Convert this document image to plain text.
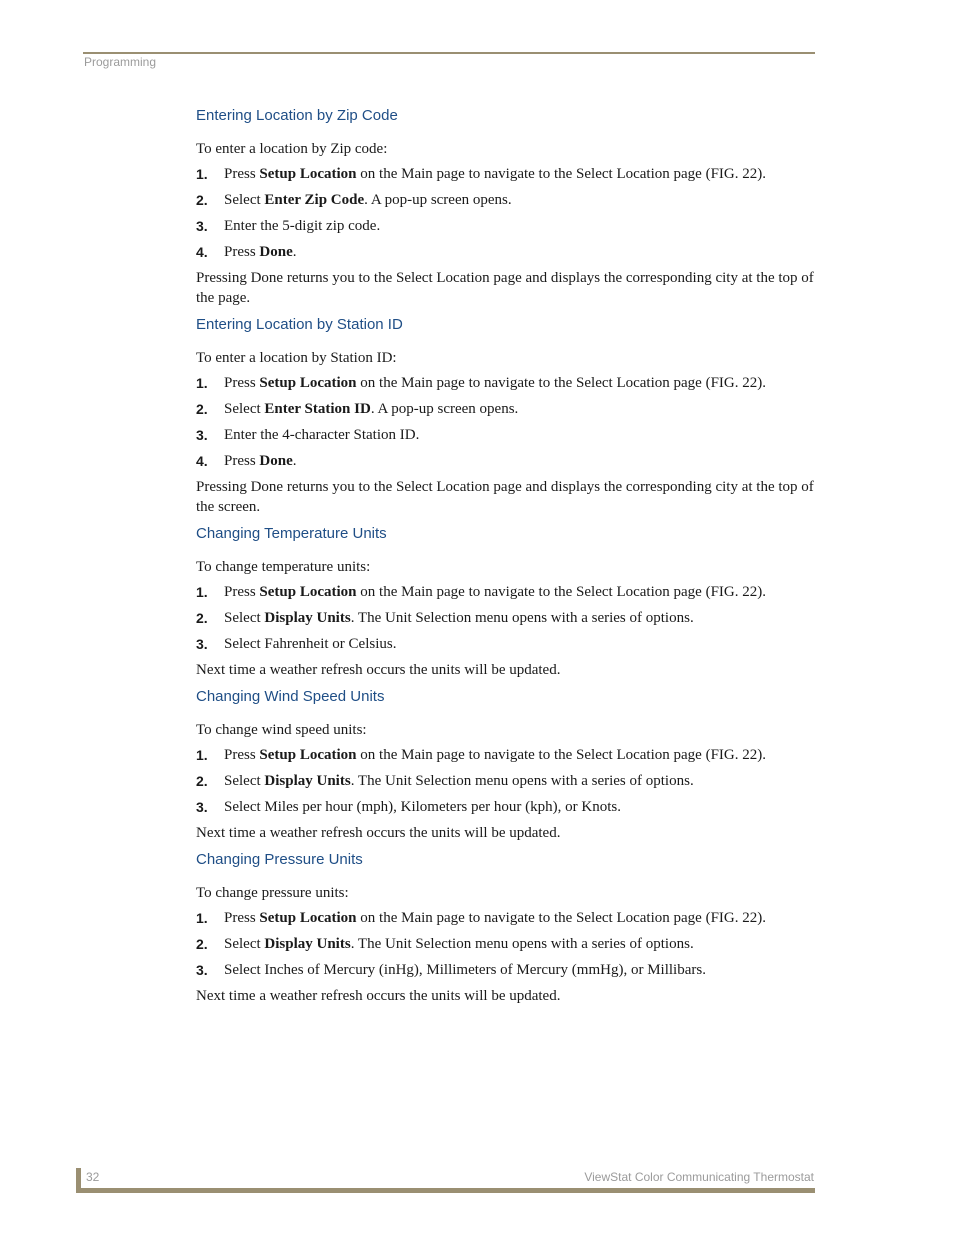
Programming
Entering Location by Zip Code

To enter a location by Zip code:

1. Press Setup Location on the Main page to navigate to the Select Location page (FIG. 22).
2. Select Enter Zip Code. A pop-up screen opens.
3. Enter the 5-digit zip code.
4. Press Done.

Pressing Done returns you to the Select Location page and displays the corresponding city at the top of the page.

Entering Location by Station ID

To enter a location by Station ID:

1. Press Setup Location on the Main page to navigate to the Select Location page (FIG. 22).
2. Select Enter Station ID. A pop-up screen opens.
3. Enter the 4-character Station ID.
4. Press Done.

Pressing Done returns you to the Select Location page and displays the corresponding city at the top of the screen.

Changing Temperature Units

To change temperature units:

1. Press Setup Location on the Main page to navigate to the Select Location page (FIG. 22).
2. Select Display Units. The Unit Selection menu opens with a series of options.
3. Select Fahrenheit or Celsius.

Next time a weather refresh occurs the units will be updated.

Changing Wind Speed Units

To change wind speed units:

1. Press Setup Location on the Main page to navigate to the Select Location page (FIG. 22).
2. Select Display Units. The Unit Selection menu opens with a series of options.
3. Select Miles per hour (mph), Kilometers per hour (kph), or Knots.

Next time a weather refresh occurs the units will be updated.

Changing Pressure Units

To change pressure units:

1. Press Setup Location on the Main page to navigate to the Select Location page (FIG. 22).
2. Select Display Units. The Unit Selection menu opens with a series of options.
3. Select Inches of Mercury (inHg), Millimeters of Mercury (mmHg), or Millibars.

Next time a weather refresh occurs the units will be updated.

32	ViewStat Color Communicating Thermostat
